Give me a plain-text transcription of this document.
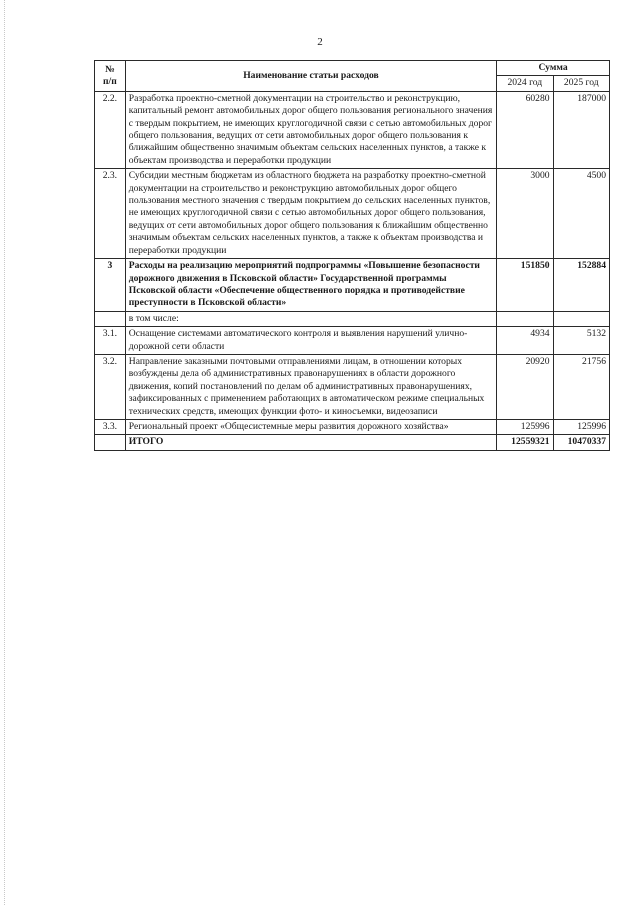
2
№
п/п	Наименование статьи расходов	Сумма	
		2024 год	2025 год
2.2.	Разработка проектно-сметной документации на строительство и реконструкцию, капитальный ремонт автомобильных дорог общего пользования регионального значения с твердым покрытием, не имеющих круглогодичной связи с сетью автомобильных дорог общего пользования, ведущих от сети автомобильных дорог общего пользования к ближайшим общественно значимым объектам сельских населенных пунктов, а также к объектам производства и переработки продукции	60280	187000
2.3.	Субсидии местным бюджетам из областного бюджета на разработку проектно-сметной документации на строительство и реконструкцию автомобильных дорог общего пользования местного значения с твердым покрытием до сельских населенных пунктов, не имеющих круглогодичной связи с сетью автомобильных дорог общего пользования, ведущих от сети автомобильных дорог общего пользования к ближайшим общественно значимым объектам сельских населенных пунктов, а также к объектам производства и переработки продукции	3000	4500
3	Расходы на реализацию мероприятий подпрограммы «Повышение безопасности дорожного движения в Псковской области» Государственной программы Псковской области «Обеспечение общественного порядка и противодействие преступности в Псковской области»	151850	152884
	в том числе:		
3.1.	Оснащение системами автоматического контроля и выявления нарушений улично-дорожной сети области	4934	5132
3.2.	Направление заказными почтовыми отправлениями лицам, в отношении которых возбуждены дела об административных правонарушениях в области дорожного движения, копий постановлений по делам об административных правонарушениях, зафиксированных с применением работающих в автоматическом режиме специальных технических средств, имеющих функции фото- и киносъемки, видеозаписи	20920	21756
3.3.	Региональный проект «Общесистемные меры развития дорожного хозяйства»	125996	125996
	ИТОГО	12559321	10470337
